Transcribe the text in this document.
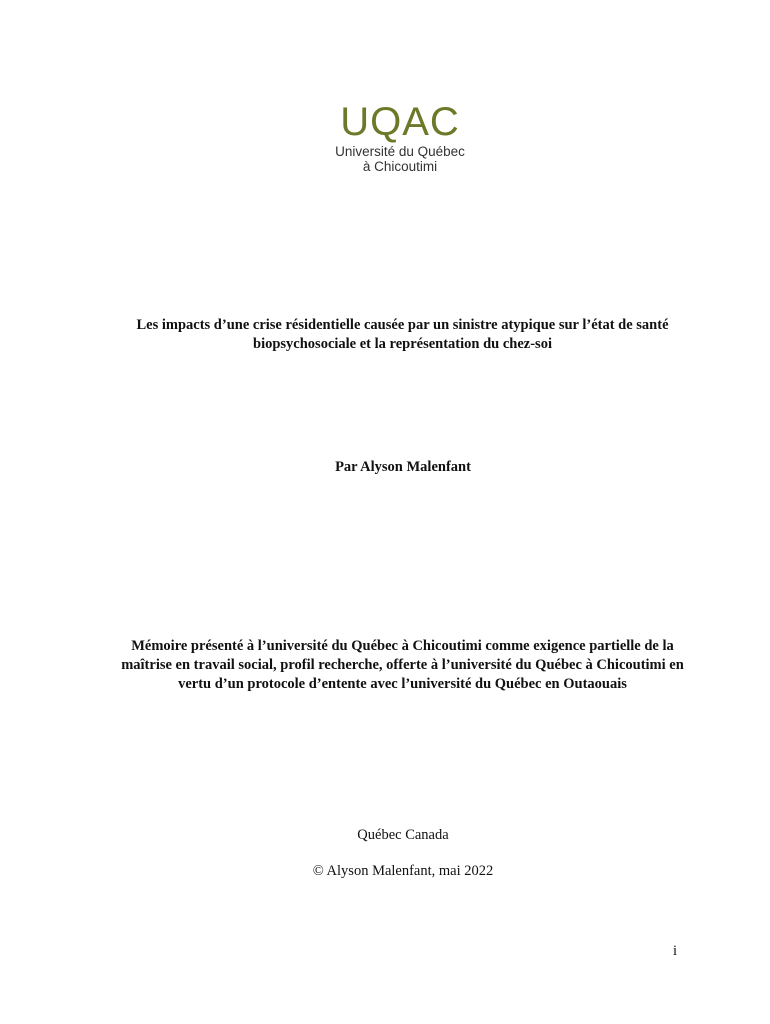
UQAC
Université du Québec
à Chicoutimi
Les impacts d’une crise résidentielle causée par un sinistre atypique sur l’état de santé biopsychosociale et la représentation du chez-soi
Par Alyson Malenfant
Mémoire présenté à l’université du Québec à Chicoutimi comme exigence partielle de la maîtrise en travail social, profil recherche, offerte à l’université du Québec à Chicoutimi en vertu d’un protocole d’entente avec l’université du Québec en Outaouais
Québec Canada
© Alyson Malenfant, mai 2022
i
